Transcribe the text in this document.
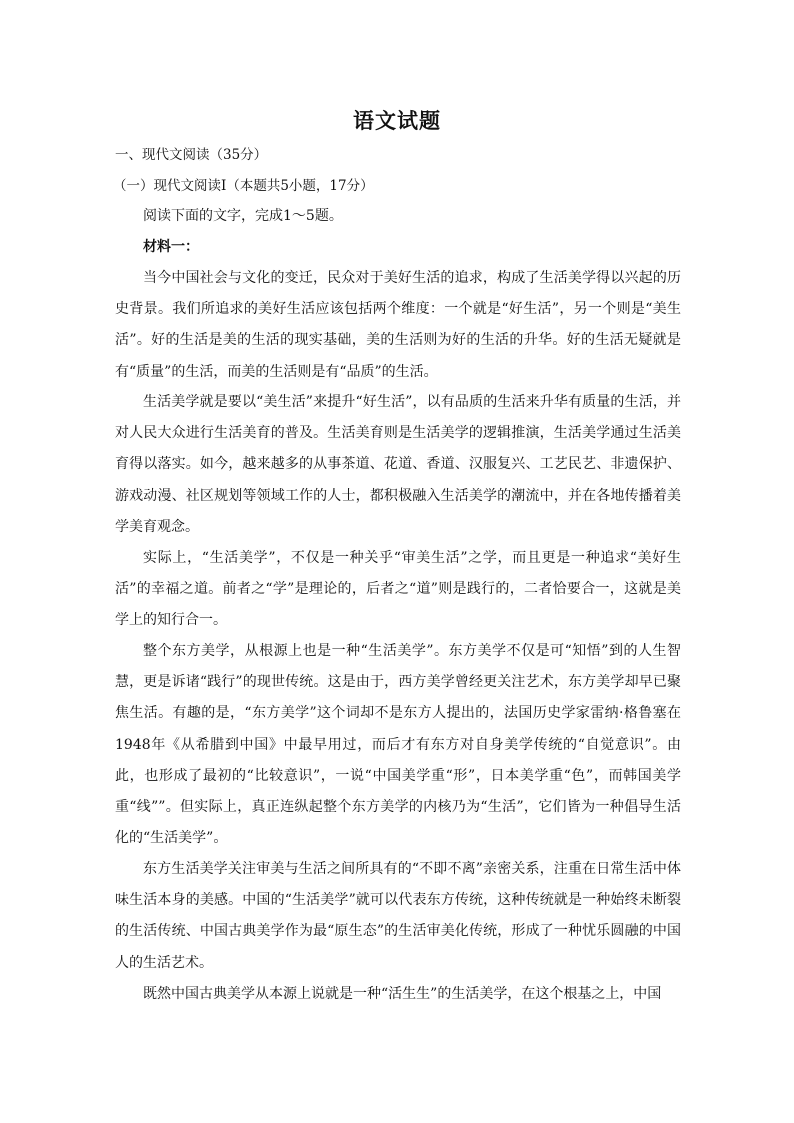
语文试题

一、现代文阅读（35分）

（一）现代文阅读Ⅰ（本题共5小题，17分）

阅读下面的文字，完成1～5题。

材料一：

当今中国社会与文化的变迁，民众对于美好生活的追求，构成了生活美学得以兴起的历史背景。我们所追求的美好生活应该包括两个维度：一个就是“好生活”，另一个则是“美生活”。好的生活是美的生活的现实基础，美的生活则为好的生活的升华。好的生活无疑就是有“质量”的生活，而美的生活则是有“品质”的生活。

生活美学就是要以“美生活”来提升“好生活”，以有品质的生活来升华有质量的生活，并对人民大众进行生活美育的普及。生活美育则是生活美学的逻辑推演，生活美学通过生活美育得以落实。如今，越来越多的从事茶道、花道、香道、汉服复兴、工艺民艺、非遗保护、游戏动漫、社区规划等领域工作的人士，都积极融入生活美学的潮流中，并在各地传播着美学美育观念。

实际上，“生活美学”，不仅是一种关乎“审美生活”之学，而且更是一种追求“美好生活”的幸福之道。前者之“学”是理论的，后者之“道”则是践行的，二者恰要合一，这就是美学上的知行合一。

整个东方美学，从根源上也是一种“生活美学”。东方美学不仅是可“知悟”到的人生智慧，更是诉诸“践行”的现世传统。这是由于，西方美学曾经更关注艺术，东方美学却早已聚焦生活。有趣的是，“东方美学”这个词却不是东方人提出的，法国历史学家雷纳·格鲁塞在1948年《从希腊到中国》中最早用过，而后才有东方对自身美学传统的“自觉意识”。由此，也形成了最初的“比较意识”，一说“中国美学重“形”，日本美学重“色”，而韩国美学重“线””。但实际上，真正连纵起整个东方美学的内核乃为“生活”，它们皆为一种倡导生活化的“生活美学”。

东方生活美学关注审美与生活之间所具有的“不即不离”亲密关系，注重在日常生活中体味生活本身的美感。中国的“生活美学”就可以代表东方传统，这种传统就是一种始终未断裂的生活传统、中国古典美学作为最“原生态”的生活审美化传统，形成了一种忧乐圆融的中国人的生活艺术。

既然中国古典美学从本源上说就是一种“活生生”的生活美学，在这个根基之上，中国
